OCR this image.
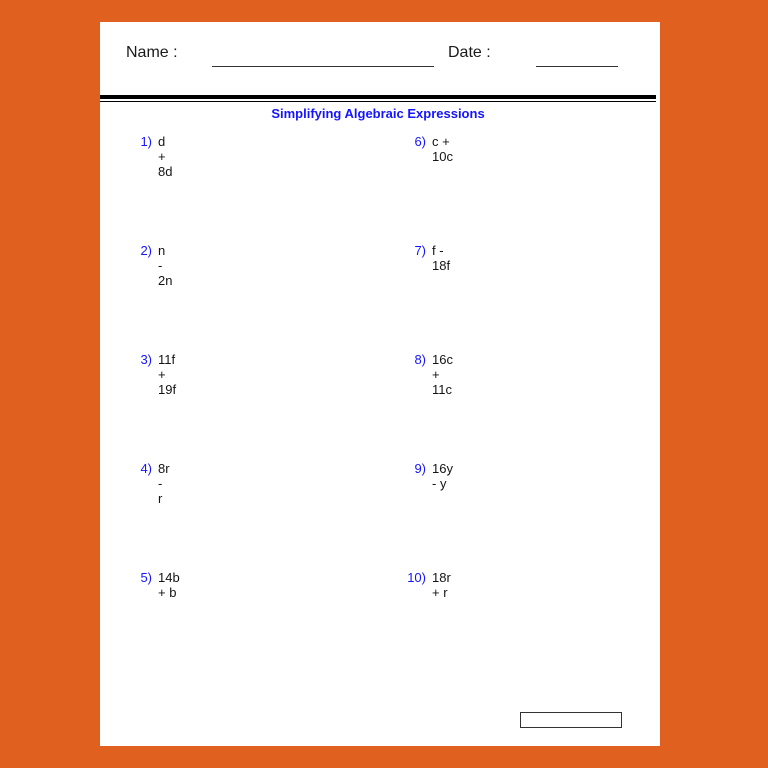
Name :	Date :
Simplifying Algebraic Expressions
1) d + 8d
2) n - 2n
3) 11f + 19f
4) 8r - r
5) 14b + b
6) c + 10c
7) f - 18f
8) 16c + 11c
9) 16y - y
10) 18r + r
